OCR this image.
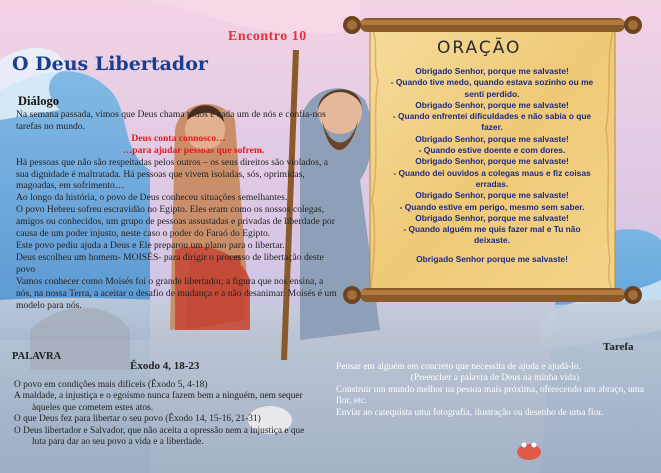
Encontro 10
O Deus Libertador
Diálogo

Na semana passada, vimos que Deus chama todos e cada um de nós e confia-nos tarefas no mundo.

Deus conta connosco…
…para ajudar pessoas que sofrem.

Há pessoas que não são respeitadas pelos outros – os seus direitos são violados, a sua dignidade é maltratada. Há pessoas que vivem isoladas, sós, oprimidas, magoadas, em sofrimento…

Ao longo da história, o povo de Deus conheceu situações semelhantes.

O povo Hebreu sofreu escravidão no Egipto. Eles eram como os nossos colegas, amigos ou conhecidos, um grupo de pessoas assustadas e privadas de liberdade por causa de um poder injusto, neste caso o poder do Faraó do Egipto.

Este povo pediu ajuda a Deus e Ele preparou um plano para o libertar.

Deus escolheu um homem- MOISÉS- para dirigir o processo de libertação deste povo

Vamos conhecer como Moisés foi o grande libertador, a figura que nos ensina, a nós, na nossa Terra, a aceitar o desafio de mudança e a não desanimar. Moisés é um modelo para nós.

PALAVRA
Êxodo 4, 18-23
O povo em condições mais difíceis (Êxodo 5, 4-18)
A maldade, a injustiça e o egoísmo nunca fazem bem a ninguém, nem sequer
àqueles que cometem estes atos.
O que Deus fez para libertar o seu povo (Êxodo 14, 15-16, 21-31)
O Deus libertador e Salvador, que não aceita a opressão nem a injustiça e que
luta para dar ao seu povo a vida e a liberdade.
ORAÇÃO
Obrigado Senhor, porque me salvaste!
- Quando tive medo, quando estava sozinho ou me senti perdido.
Obrigado Senhor, porque me salvaste!
- Quando enfrentei dificuldades e não sabia o que fazer.
Obrigado Senhor, porque me salvaste!
- Quando estive doente e com dores.
Obrigado Senhor, porque me salvaste!
- Quando dei ouvidos a colegas maus e fiz coisas erradas.
Obrigado Senhor, porque me salvaste!
- Quando estive em perigo, mesmo sem saber.
Obrigado Senhor, porque me salvaste!
- Quando alguém me quis fazer mal e Tu não deixaste.
Obrigado Senhor porque me salvaste!
Tarefa
Pensar em alguém em concreto que necessita de ajuda e ajudá-lo.
(Preencher a palavra de Deus na minha vida)
Construir um mundo melhor na pessoa mais próxima, oferecendo um abraço, uma flor, etc.
Enviar ao catequista uma fotografia, ilustração ou desenho de uma flor.
